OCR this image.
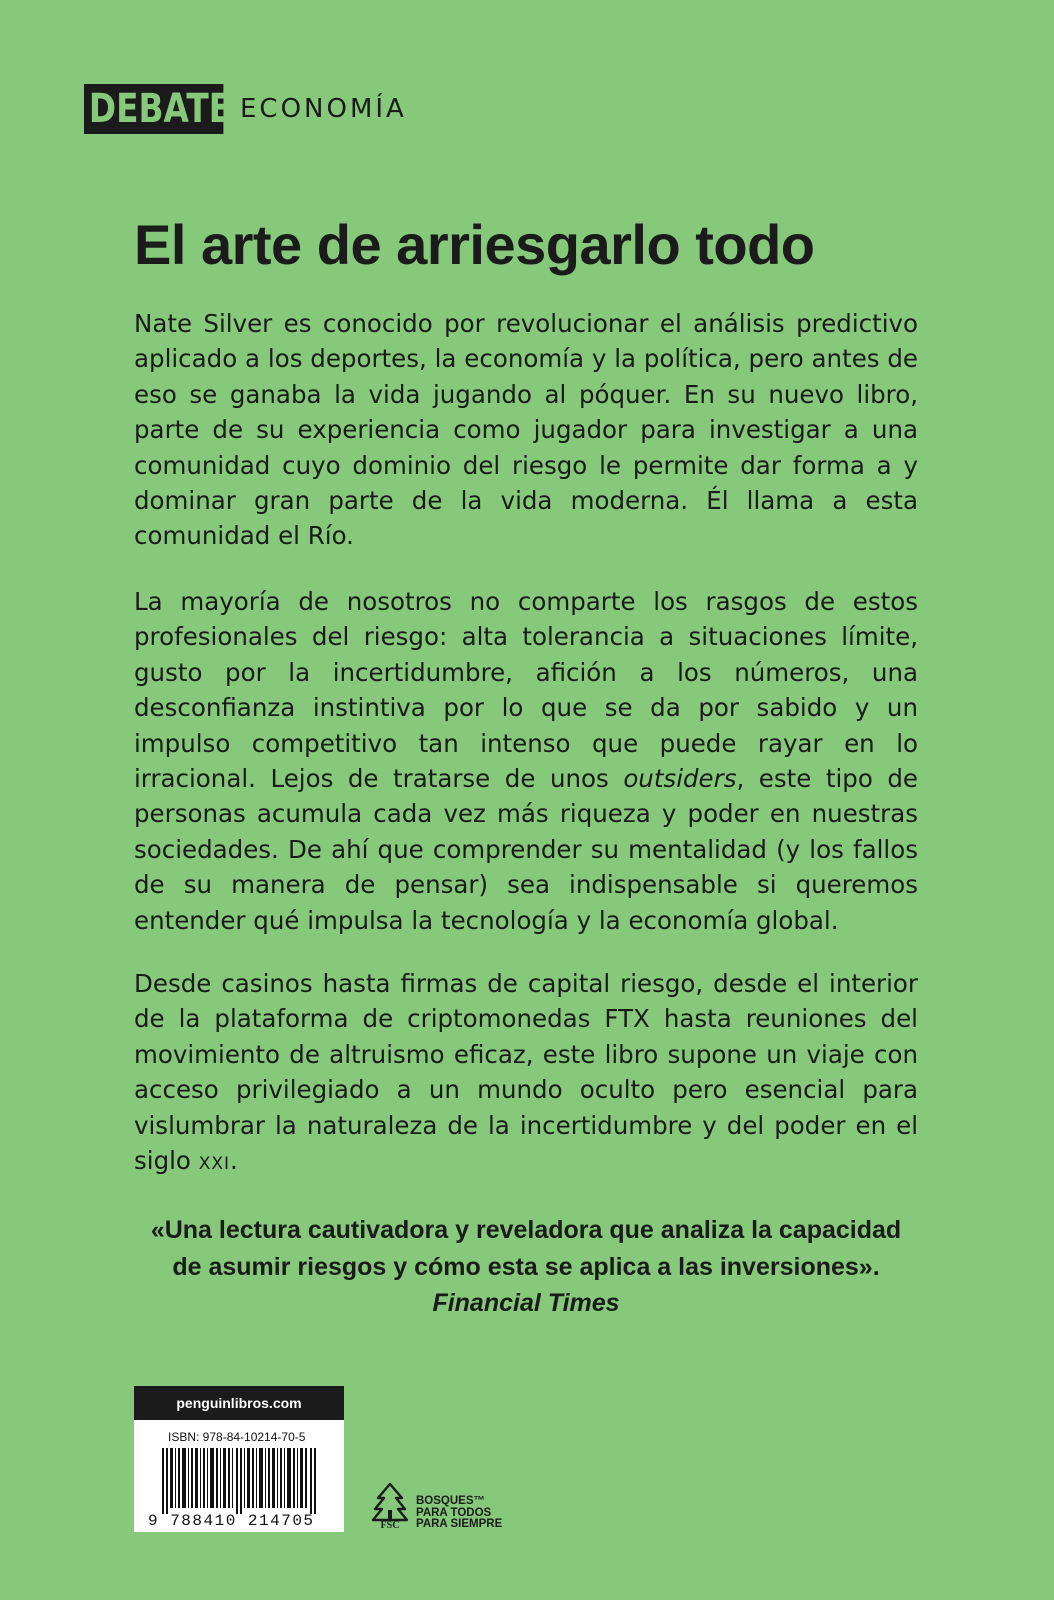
DEBATE ECONOMÍA
El arte de arriesgarlo todo

Nate Silver es conocido por revolucionar el análisis predictivo aplicado a los deportes, la economía y la política, pero antes de eso se ganaba la vida jugando al póquer. En su nuevo libro, parte de su experiencia como jugador para investigar a una comunidad cuyo dominio del riesgo le permite dar forma a y dominar gran parte de la vida moderna. Él llama a esta comunidad el Río.

La mayoría de nosotros no comparte los rasgos de estos profesionales del riesgo: alta tolerancia a situaciones límite, gusto por la incertidumbre, afición a los números, una desconfianza instintiva por lo que se da por sabido y un impulso competitivo tan intenso que puede rayar en lo irracional. Lejos de tratarse de unos outsiders, este tipo de personas acumula cada vez más riqueza y poder en nuestras sociedades. De ahí que comprender su mentalidad (y los fallos de su manera de pensar) sea indispensable si queremos entender qué impulsa la tecnología y la economía global.

Desde casinos hasta firmas de capital riesgo, desde el interior de la plataforma de criptomonedas FTX hasta reuniones del movimiento de altruismo eficaz, este libro supone un viaje con acceso privilegiado a un mundo oculto pero esencial para vislumbrar la naturaleza de la incertidumbre y del poder en el siglo XXI.

«Una lectura cautivadora y reveladora que analiza la capacidad de asumir riesgos y cómo esta se aplica a las inversiones». Financial Times

penguinlibros.com
ISBN: 978-84-10214-70-5
9 788410 214705	FSC
BOSQUES™
PARA TODOS
PARA SIEMPRE
